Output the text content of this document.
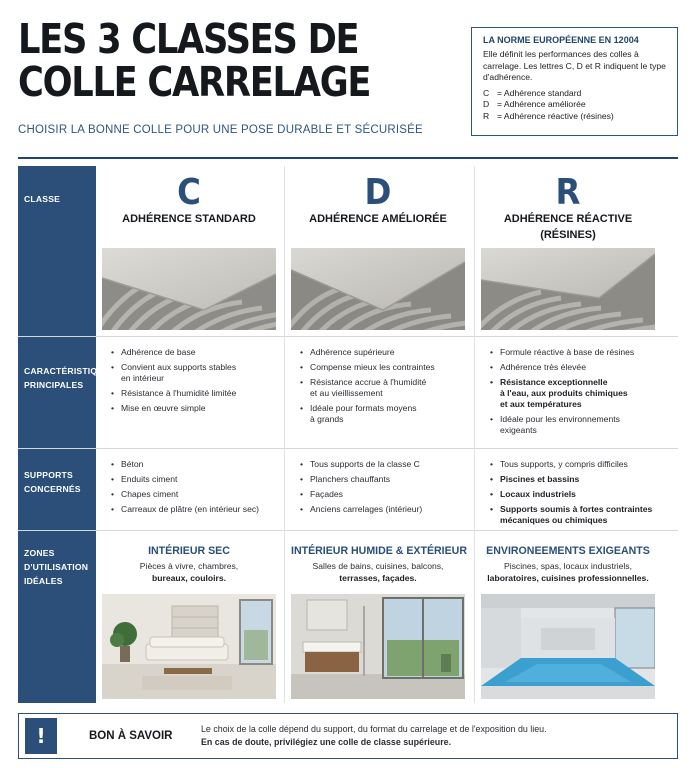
LES 3 CLASSES DE
COLLE CARRELAGE
CHOISIR LA BONNE COLLE POUR UNE POSE DURABLE ET SÉCURISÉE
LA NORME EUROPÉENNE EN 12004
Elle définit les performances des colles à carrelage. Les lettres C, D et R indiquent le type d'adhérence.
C = Adhérence standard
D = Adhérence améliorée
R = Adhérence réactive (résines)
CLASSE
CARACTÉRISTIQUES PRINCIPALES
SUPPORTS CONCERNÉS
ZONES D'UTILISATION IDÉALES
C
ADHÉRENCE STANDARD
• Adhérence de base
• Convient aux supports stables
en intérieur
• Résistance à l'humidité limitée
• Mise en œuvre simple
• Béton
• Enduits ciment
• Chapes ciment
• Carreaux de plâtre (en intérieur sec)
INTÉRIEUR SEC
Pièces à vivre, chambres,
bureaux, couloirs.
D
ADHÉRENCE AMÉLIORÉE
• Adhérence supérieure
• Compense mieux les contraintes
• Résistance accrue à l'humidité
et au vieillissement
• Idéale pour formats moyens
à grands
• Tous supports de la classe C
• Planchers chauffants
• Façades
• Anciens carrelages (intérieur)
INTÉRIEUR HUMIDE & EXTÉRIEUR
Salles de bains, cuisines, balcons,
terrasses, façades.
R
ADHÉRENCE RÉACTIVE
(RÉSINES)
• Formule réactive à base de résines
• Adhérence très élevée
• Résistance exceptionnelle
à l'eau, aux produits chimiques
et aux températures
• Idéale pour les environnements
exigeants
• Tous supports, y compris difficiles
• Piscines et bassins
• Locaux industriels
• Supports soumis à fortes contraintes
mécaniques ou chimiques
ENVIRONEEMENTS EXIGEANTS
Piscines, spas, locaux industriels,
laboratoires, cuisines professionnelles.
!	BON À SAVOIR
Le choix de la colle dépend du support, du format du carrelage et de l'exposition du lieu.
En cas de doute, privilégiez une colle de classe supérieure.
